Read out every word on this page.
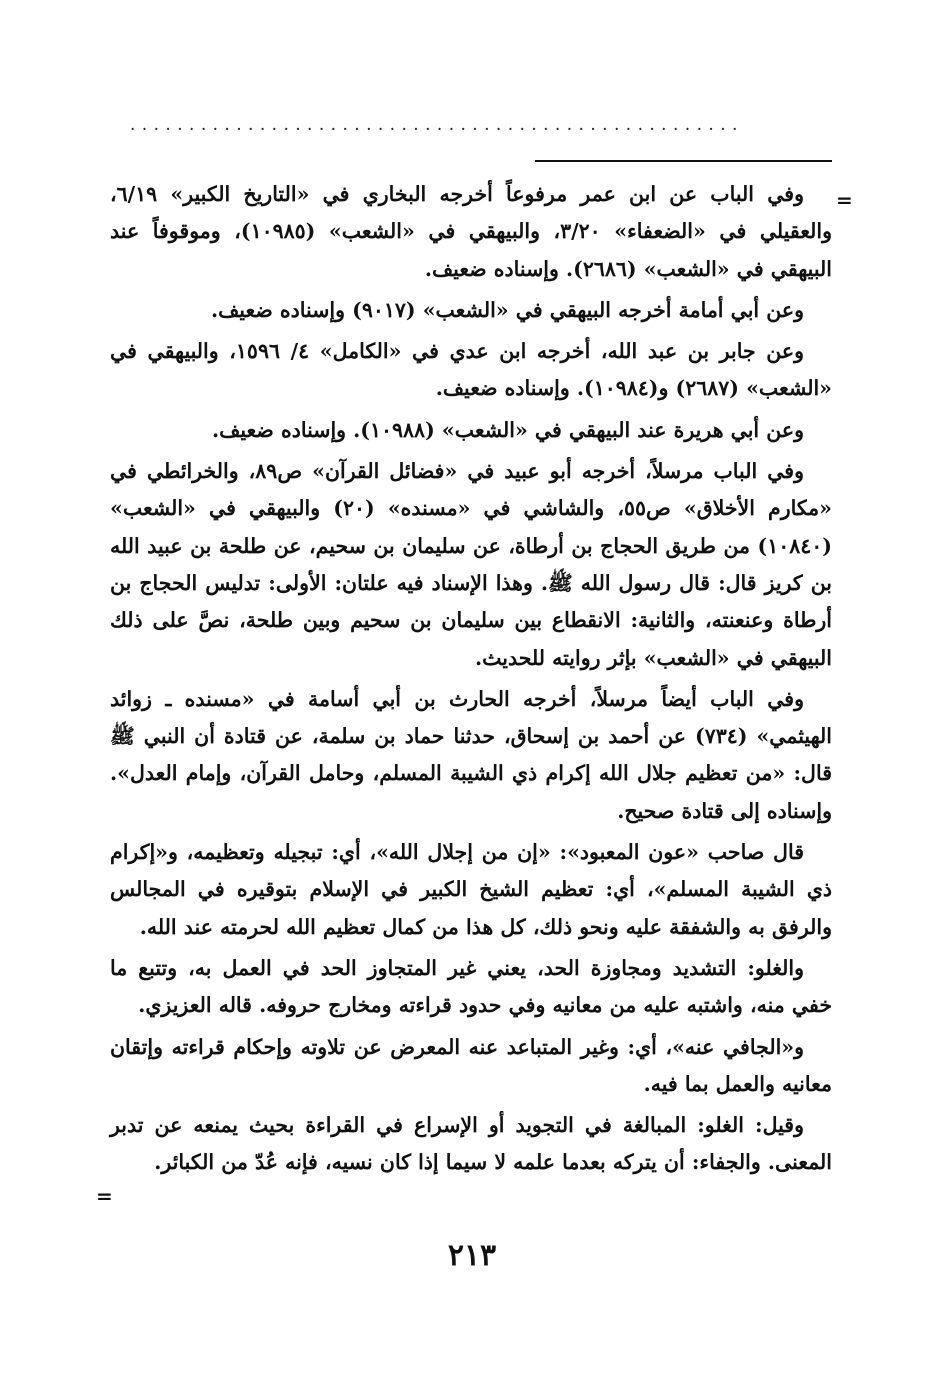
....................................................
=

وفي الباب عن ابن عمر مرفوعاً أخرجه البخاري في «التاريخ الكبير» ٦/١٩، والعقيلي في «الضعفاء» ٣/٢٠، والبيهقي في «الشعب» (١٠٩٨٥)، وموقوفاً عند البيهقي في «الشعب» (٢٦٨٦). وإسناده ضعيف.

وعن أبي أمامة أخرجه البيهقي في «الشعب» (٩٠١٧) وإسناده ضعيف.

وعن جابر بن عبد الله، أخرجه ابن عدي في «الكامل» ٤/ ١٥٩٦، والبيهقي في «الشعب» (٢٦٨٧) و(١٠٩٨٤). وإسناده ضعيف.

وعن أبي هريرة عند البيهقي في «الشعب» (١٠٩٨٨). وإسناده ضعيف.

وفي الباب مرسلاً، أخرجه أبو عبيد في «فضائل القرآن» ص٨٩، والخرائطي في «مكارم الأخلاق» ص٥٥، والشاشي في «مسنده» (٢٠) والبيهقي في «الشعب» (١٠٨٤٠) من طريق الحجاج بن أرطاة، عن سليمان بن سحيم، عن طلحة بن عبيد الله بن كريز قال: قال رسول الله ﷺ. وهذا الإسناد فيه علتان: الأولى: تدليس الحجاج بن أرطاة وعنعنته، والثانية: الانقطاع بين سليمان بن سحيم وبين طلحة، نصَّ على ذلك البيهقي في «الشعب» بإثر روايته للحديث.

وفي الباب أيضاً مرسلاً، أخرجه الحارث بن أبي أسامة في «مسنده ـ زوائد الهيثمي» (٧٣٤) عن أحمد بن إسحاق، حدثنا حماد بن سلمة، عن قتادة أن النبي ﷺ قال: «من تعظيم جلال الله إكرام ذي الشيبة المسلم، وحامل القرآن، وإمام العدل». وإسناده إلى قتادة صحيح.

قال صاحب «عون المعبود»: «إن من إجلال الله»، أي: تبجيله وتعظيمه، و«إكرام ذي الشيبة المسلم»، أي: تعظيم الشيخ الكبير في الإسلام بتوقيره في المجالس والرفق به والشفقة عليه ونحو ذلك، كل هذا من كمال تعظيم الله لحرمته عند الله.

والغلو: التشديد ومجاوزة الحد، يعني غير المتجاوز الحد في العمل به، وتتبع ما خفي منه، واشتبه عليه من معانيه وفي حدود قراءته ومخارج حروفه. قاله العزيزي.

و«الجافي عنه»، أي: وغير المتباعد عنه المعرض عن تلاوته وإحكام قراءته وإتقان معانيه والعمل بما فيه.

وقيل: الغلو: المبالغة في التجويد أو الإسراع في القراءة بحيث يمنعه عن تدبر المعنى. والجفاء: أن يتركه بعدما علمه لا سيما إذا كان نسيه، فإنه عُدّ من الكبائر.

=
٢١٣
